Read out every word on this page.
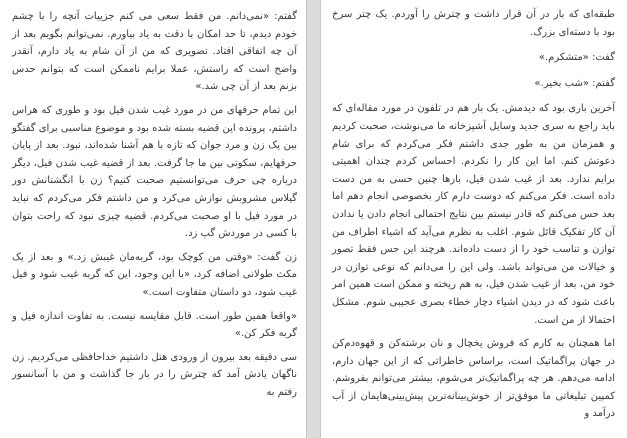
گفتم: «نمی‌دانم. من فقط سعی می کنم جزییات آنچه را با چشم خودم دیدم، تا حد امکان با دقت به یاد بیاورم. نمی‌توانم بگویم بعد از آن چه اتفاقی افتاد. تصویری که من از آن شام به یاد دارم، آنقدر واضح است که راستش، عملا برایم ناممکن است که بتوانم حدس بزنم بعد از آن چی شد.»

این تمام حرفهای من در مورد غیب شدن فیل بود و طوری که هراس داشتم، پرونده این قضیه بسته شده بود و موضوع مناسبی برای گفتگو بین یک زن و مرد جوان که تازه با هم آشنا شده‌اند، نبود. بعد از پایان حرفهایم، سکوتی بین ما جا گرفت. بعد از قضیه غیب شدن فیل، دیگر درباره چی حرف می‌توانستیم صحبت کنیم؟ زن با انگشتانش دور گیلاس مشروبش نوازش می‌کرد و من داشتم فکر می‌کردم که نباید در مورد فیل با او صحبت می‌کردم. قضیه چیزی نبود که راحت بتوان با کسی در موردش گپ زد.

زن گفت: «وقتی من کوچک بود، گربه‌مان غیبش زد.» و بعد از یک مکث طولانی اضافه کرد، «با این وجود، این که گربه غیب شود و فیل غیب شود، دو داستان متفاوت است.»

«واقعا همین طور است. قابل مقایسه نیست. به تفاوت اندازه فیل و گربه فکر کن.»

سی دقیقه بعد بیرون از ورودی هتل داشتیم خداحافظی می‌کردیم. زن ناگهان یادش آمد که چترش را در بار جا گذاشت و من با آسانسور رفتم به

طبقه‌ای که بار در آن قرار داشت و چترش را آوردم. یک چتر سرخ بود با دسته‌ای بزرگ.

گفت: «متشکرم.»

گفتم: «شب بخیر.»

آخرین باری بود که دیدمش. یک بار هم در تلفون در مورد مقاله‌ای که باید راجع به سری جدید وسایل آشپزخانه ما می‌نوشت، صحبت کردیم و همزمان من به طور جدی داشتم فکر می‌کردم که برای شام دعوتش کنم. اما این کار را نکردم. احساس کردم چندان اهمیتی برایم ندارد. بعد از غیب شدن فیل، بارها چنین حسی به من دست داده است. فکر می‌کنم که دوست دارم کار بخصوصی انجام دهم اما بعد حس می‌کنم که قادر نیستم بین نتایج احتمالی انجام دادن یا ندادن آن کار تفکیک قائل شوم. اغلب به نظرم می‌آید که اشیاء اطراف من توازن و تناسب خود را از دست داده‌اند. هرچند این حس فقط تصور و خیالات من می‌تواند باشد. ولی این را می‌دانم که نوعی توازن در خود من، بعد از غیب شدن فیل، به هم ریخته و ممکن است همین امر باعث شود که در دیدن اشیاء دچار خطاء بصری عجیبی شوم. مشکل احتمالا از من است.

اما همچنان به کارم که فروش یخچال و نان برشته‌کن و قهوه‌دم‌کن در جهان پراگماتیک است، براساس خاطراتی که از این جهان دارم، ادامه می‌دهم. هر چه پراگماتیک‌تر می‌شوم، بیشتر می‌توانم بفروشم. کمپین تبلیغاتی ما موفق‌تر از خوش‌بینانه‌ترین پیش‌بینی‌هایمان از آب درآمد و
